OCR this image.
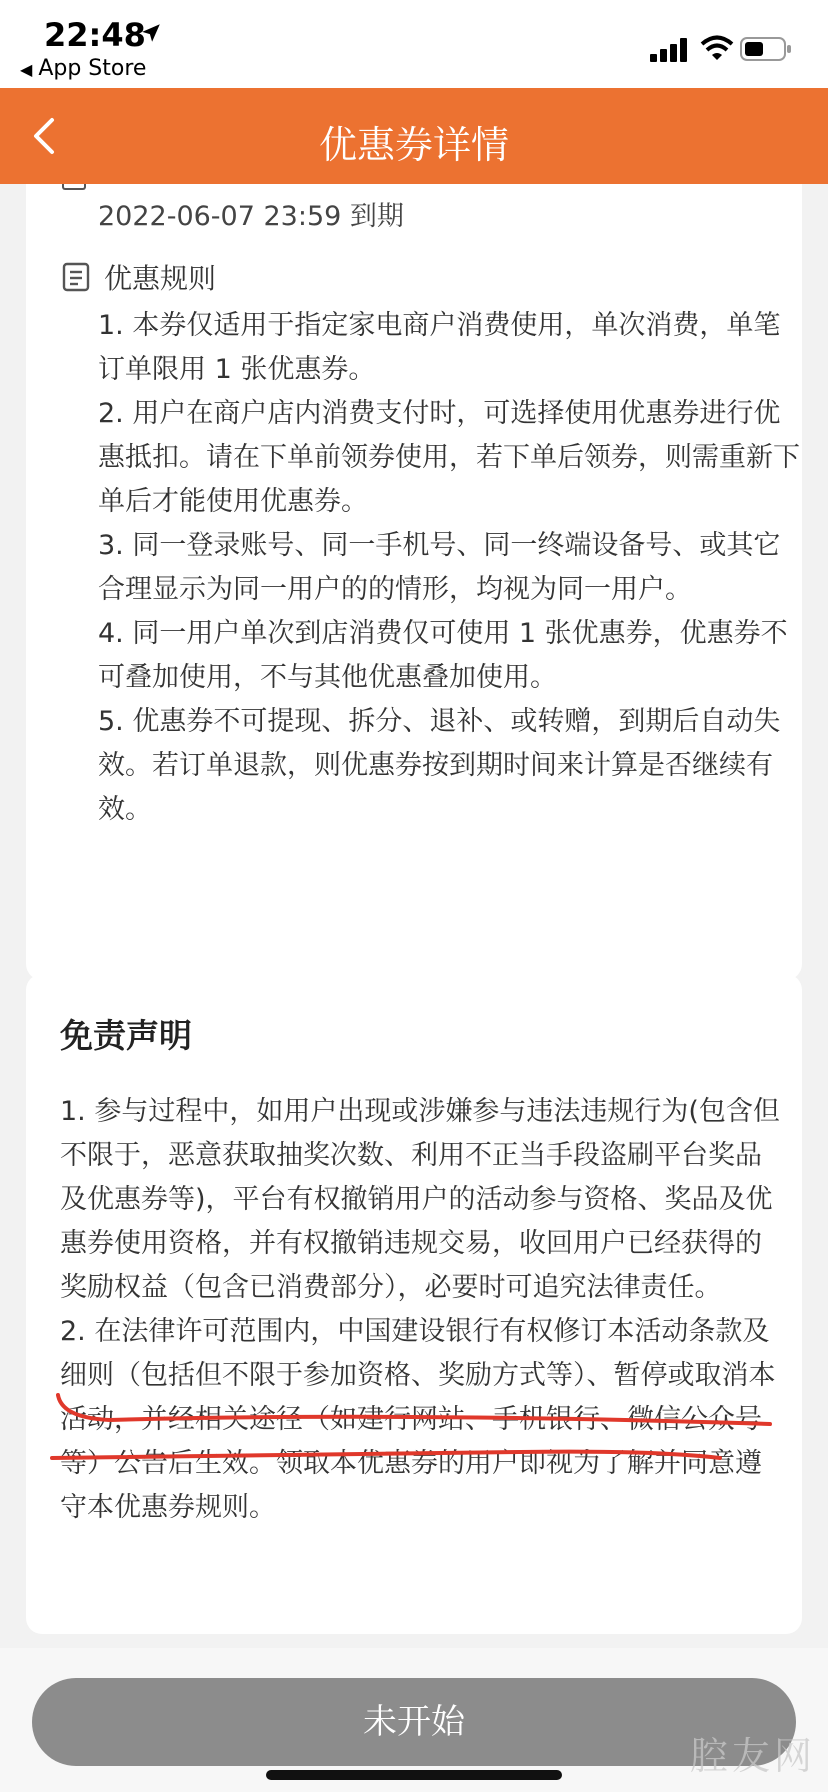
22:48
◀ App Store
优惠券详情
2022-06-07 23:59 到期
优惠规则

1. 本券仅适用于指定家电商户消费使用，单次消费，单笔订单限用 1 张优惠券。

2. 用户在商户店内消费支付时，可选择使用优惠券进行优惠抵扣。请在下单前领券使用，若下单后领券，则需重新下单后才能使用优惠券。

3. 同一登录账号、同一手机号、同一终端设备号、或其它合理显示为同一用户的的情形，均视为同一用户。

4. 同一用户单次到店消费仅可使用 1 张优惠券，优惠券不可叠加使用，不与其他优惠叠加使用。

5. 优惠券不可提现、拆分、退补、或转赠，到期后自动失效。若订单退款，则优惠券按到期时间来计算是否继续有效。

免责声明

1. 参与过程中，如用户出现或涉嫌参与违法违规行为(包含但不限于，恶意获取抽奖次数、利用不正当手段盗刷平台奖品及优惠券等)，平台有权撤销用户的活动参与资格、奖品及优惠券使用资格，并有权撤销违规交易，收回用户已经获得的奖励权益（包含已消费部分），必要时可追究法律责任。

2. 在法律许可范围内，中国建设银行有权修订本活动条款及细则（包括但不限于参加资格、奖励方式等）、暂停或取消本活动，并经相关途径（如建行网站、手机银行、微信公众号等）公告后生效。领取本优惠券的用户即视为了解并同意遵守本优惠券规则。

未开始
腔友网
